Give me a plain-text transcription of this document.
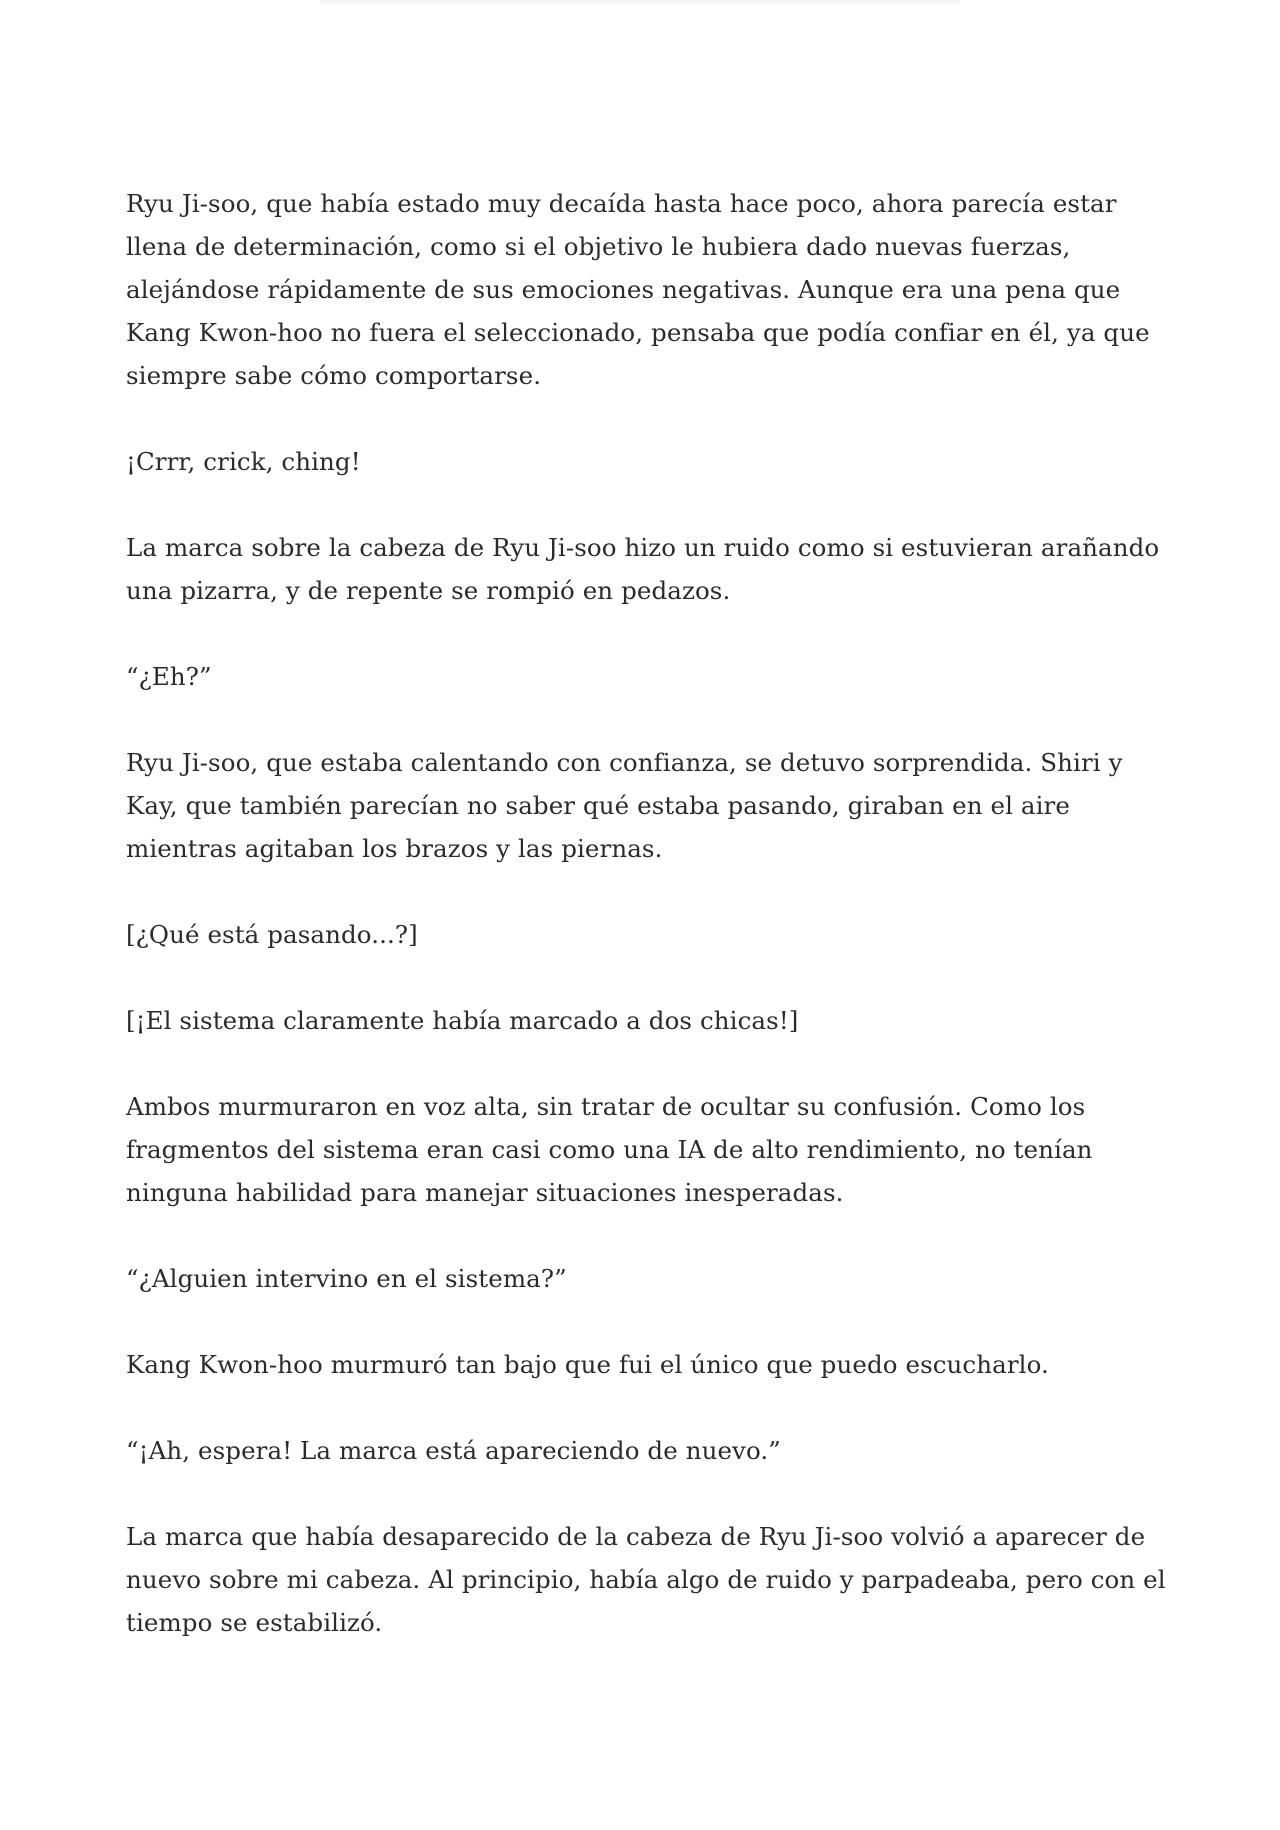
Ryu Ji-soo, que había estado muy decaída hasta hace poco, ahora parecía estar llena de determinación, como si el objetivo le hubiera dado nuevas fuerzas, alejándose rápidamente de sus emociones negativas. Aunque era una pena que Kang Kwon-hoo no fuera el seleccionado, pensaba que podía confiar en él, ya que siempre sabe cómo comportarse.

¡Crrr, crick, ching!

La marca sobre la cabeza de Ryu Ji-soo hizo un ruido como si estuvieran arañando una pizarra, y de repente se rompió en pedazos.

“¿Eh?”

Ryu Ji-soo, que estaba calentando con confianza, se detuvo sorprendida. Shiri y Kay, que también parecían no saber qué estaba pasando, giraban en el aire mientras agitaban los brazos y las piernas.

[¿Qué está pasando...?]

[¡El sistema claramente había marcado a dos chicas!]

Ambos murmuraron en voz alta, sin tratar de ocultar su confusión. Como los fragmentos del sistema eran casi como una IA de alto rendimiento, no tenían ninguna habilidad para manejar situaciones inesperadas.

“¿Alguien intervino en el sistema?”

Kang Kwon-hoo murmuró tan bajo que fui el único que puedo escucharlo.

“¡Ah, espera! La marca está apareciendo de nuevo.”

La marca que había desaparecido de la cabeza de Ryu Ji-soo volvió a aparecer de nuevo sobre mi cabeza. Al principio, había algo de ruido y parpadeaba, pero con el tiempo se estabilizó.
